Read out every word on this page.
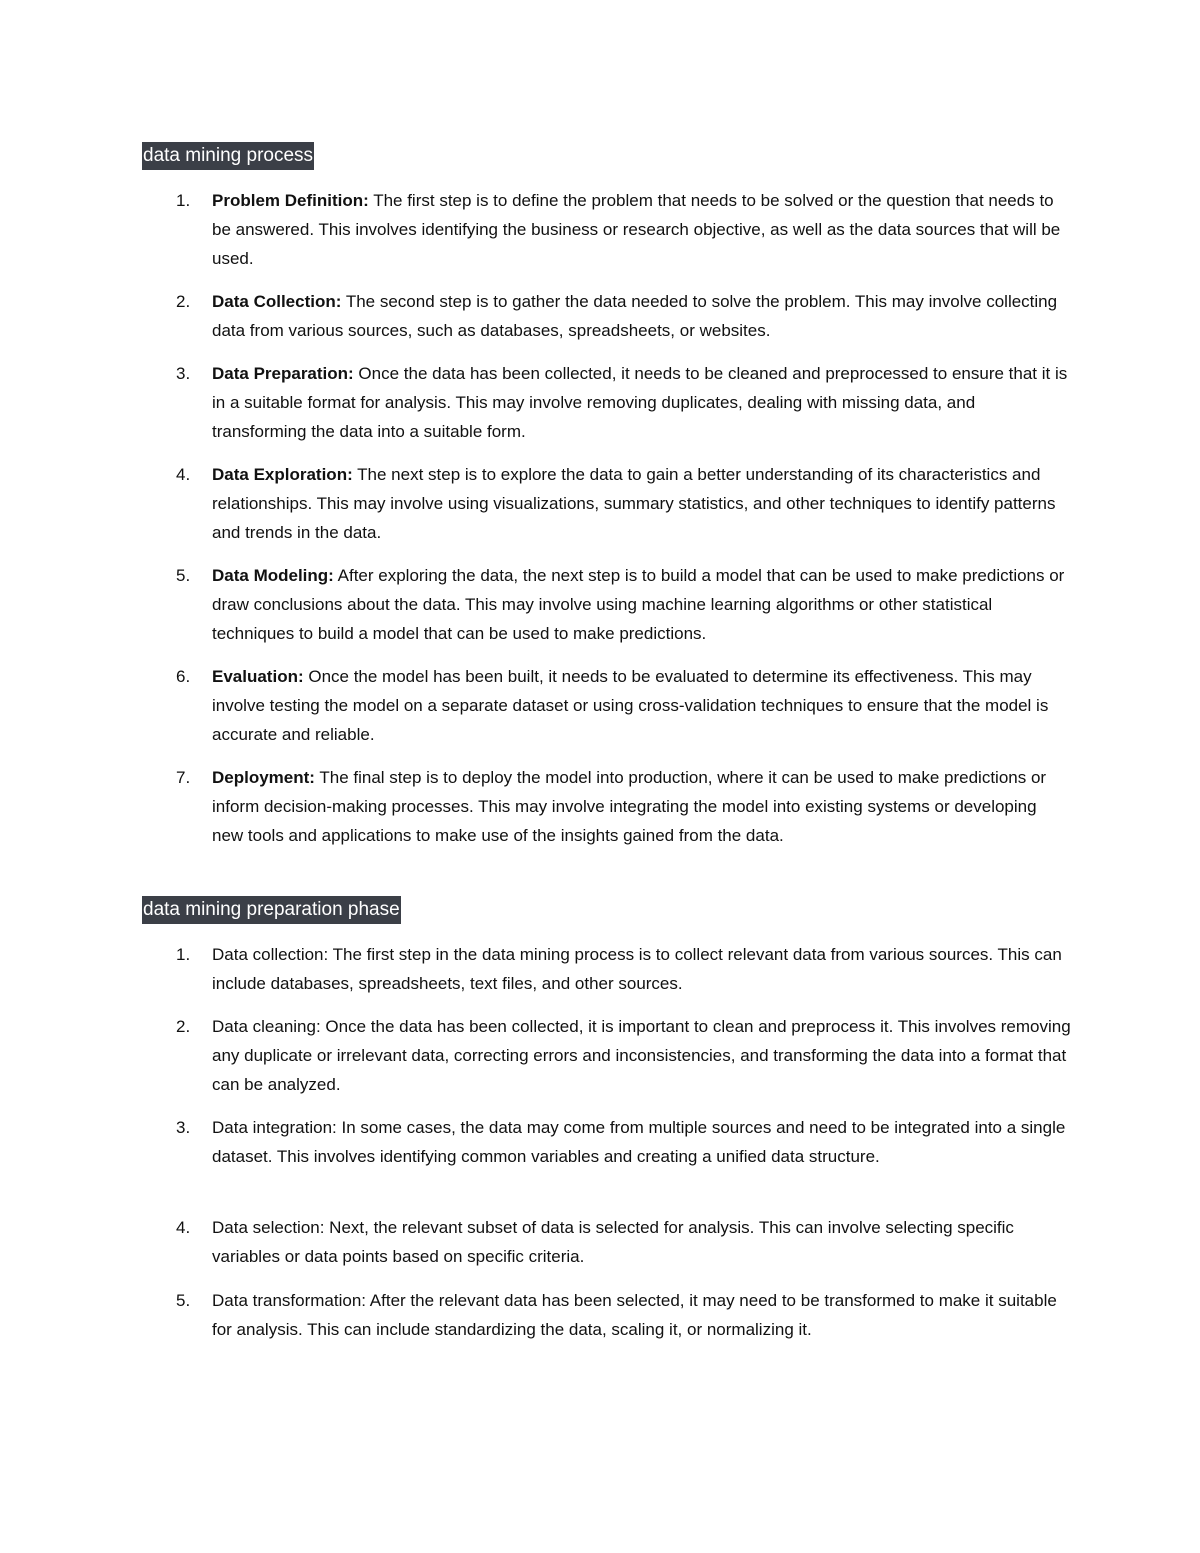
data mining process
1. Problem Definition: The first step is to define the problem that needs to be solved or the question that needs to be answered. This involves identifying the business or research objective, as well as the data sources that will be used.

2. Data Collection: The second step is to gather the data needed to solve the problem. This may involve collecting data from various sources, such as databases, spreadsheets, or websites.

3. Data Preparation: Once the data has been collected, it needs to be cleaned and preprocessed to ensure that it is in a suitable format for analysis. This may involve removing duplicates, dealing with missing data, and transforming the data into a suitable form.

4. Data Exploration: The next step is to explore the data to gain a better understanding of its characteristics and relationships. This may involve using visualizations, summary statistics, and other techniques to identify patterns and trends in the data.

5. Data Modeling: After exploring the data, the next step is to build a model that can be used to make predictions or draw conclusions about the data. This may involve using machine learning algorithms or other statistical techniques to build a model that can be used to make predictions.

6. Evaluation: Once the model has been built, it needs to be evaluated to determine its effectiveness. This may involve testing the model on a separate dataset or using cross-validation techniques to ensure that the model is accurate and reliable.

7. Deployment: The final step is to deploy the model into production, where it can be used to make predictions or inform decision-making processes. This may involve integrating the model into existing systems or developing new tools and applications to make use of the insights gained from the data.

data mining preparation phase
1. Data collection: The first step in the data mining process is to collect relevant data from various sources. This can include databases, spreadsheets, text files, and other sources.

2. Data cleaning: Once the data has been collected, it is important to clean and preprocess it. This involves removing any duplicate or irrelevant data, correcting errors and inconsistencies, and transforming the data into a format that can be analyzed.

3. Data integration: In some cases, the data may come from multiple sources and need to be integrated into a single dataset. This involves identifying common variables and creating a unified data structure.

4. Data selection: Next, the relevant subset of data is selected for analysis. This can involve selecting specific variables or data points based on specific criteria.

5. Data transformation: After the relevant data has been selected, it may need to be transformed to make it suitable for analysis. This can include standardizing the data, scaling it, or normalizing it.
